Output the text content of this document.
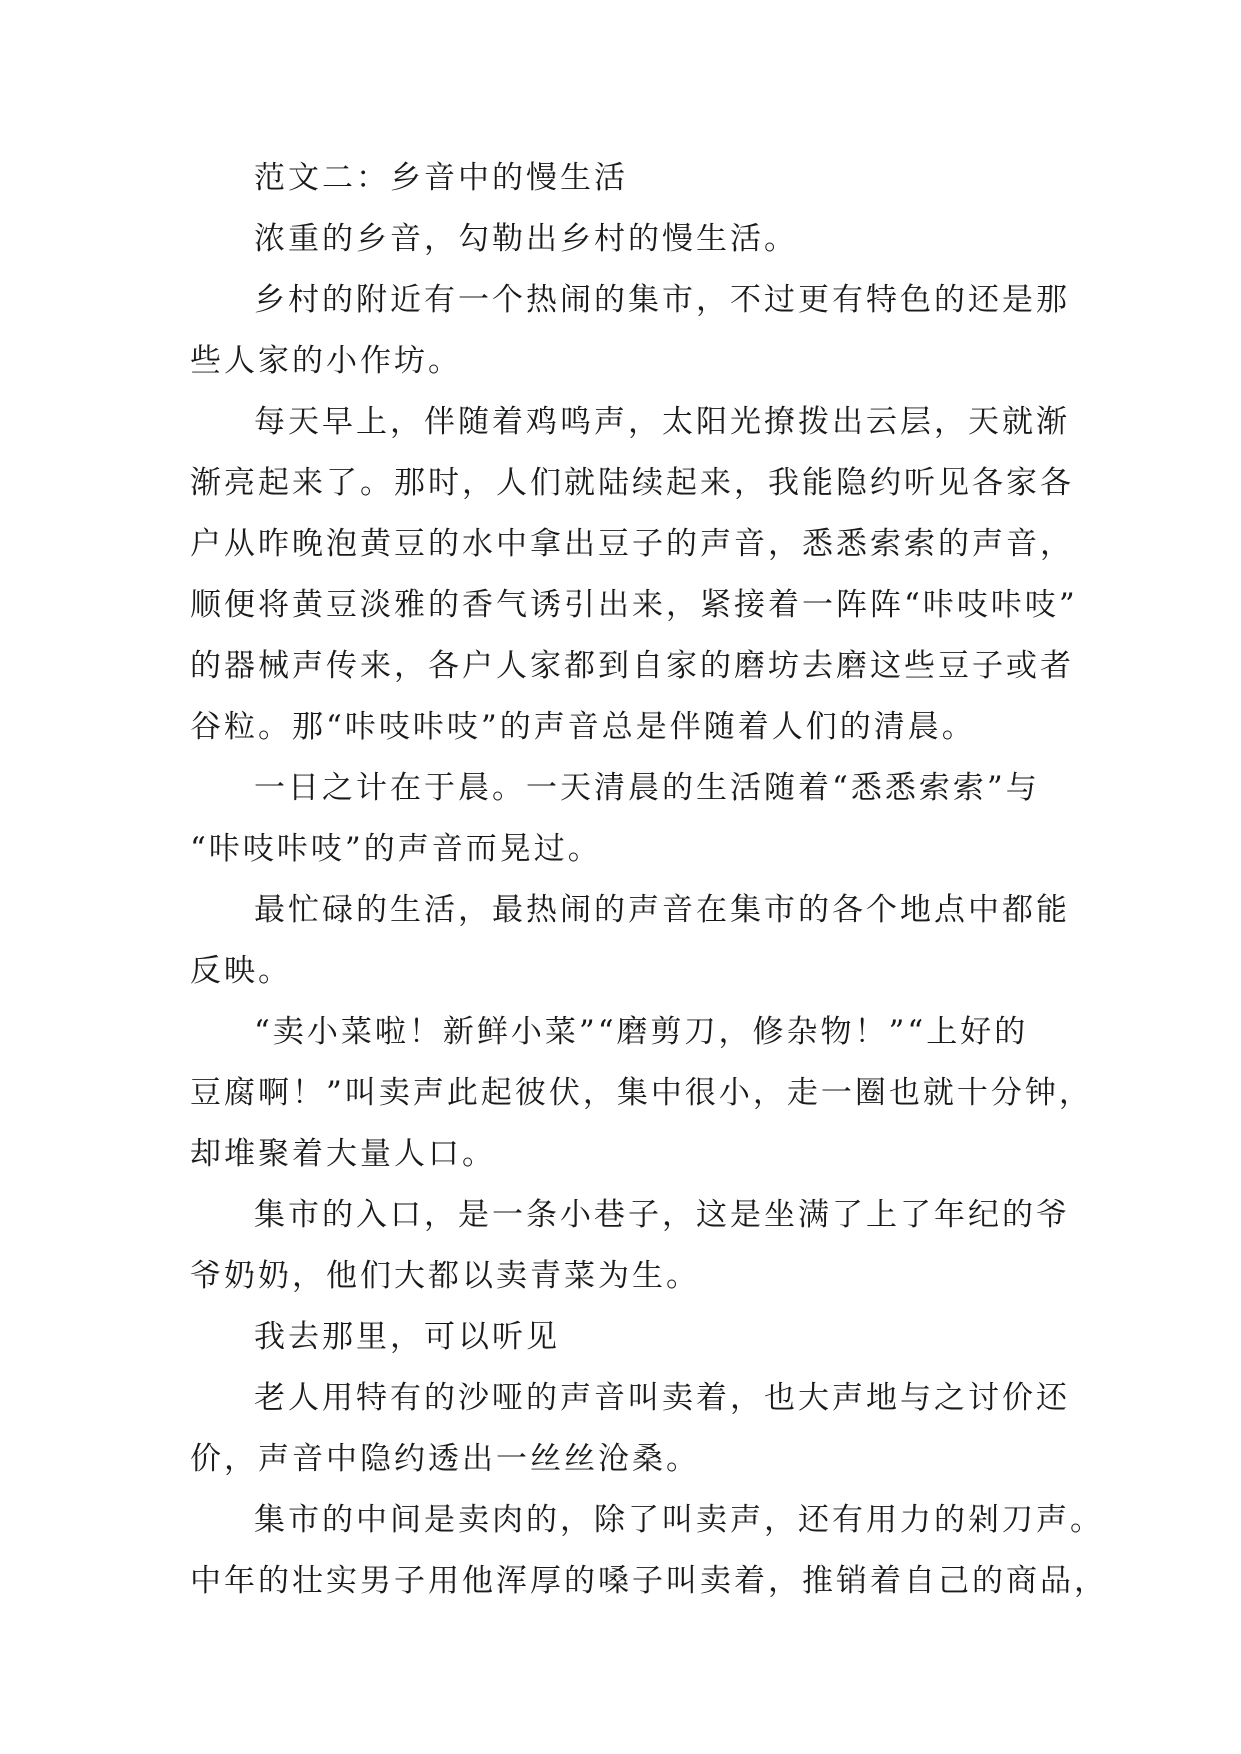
范文二：乡音中的慢生活
浓重的乡音，勾勒出乡村的慢生活。
乡村的附近有一个热闹的集市，不过更有特色的还是那
些人家的小作坊。
每天早上，伴随着鸡鸣声，太阳光撩拨出云层，天就渐
渐亮起来了。那时，人们就陆续起来，我能隐约听见各家各
户从昨晚泡黄豆的水中拿出豆子的声音，悉悉索索的声音，
顺便将黄豆淡雅的香气诱引出来，紧接着一阵阵“咔吱咔吱”
的器械声传来，各户人家都到自家的磨坊去磨这些豆子或者
谷粒。那“咔吱咔吱”的声音总是伴随着人们的清晨。
一日之计在于晨。一天清晨的生活随着“悉悉索索”与
“咔吱咔吱”的声音而晃过。
最忙碌的生活，最热闹的声音在集市的各个地点中都能
反映。
“卖小菜啦！新鲜小菜”“磨剪刀，修杂物！”“上好的
豆腐啊！”叫卖声此起彼伏，集中很小，走一圈也就十分钟，
却堆聚着大量人口。
集市的入口，是一条小巷子，这是坐满了上了年纪的爷
爷奶奶，他们大都以卖青菜为生。
我去那里，可以听见
老人用特有的沙哑的声音叫卖着，也大声地与之讨价还
价，声音中隐约透出一丝丝沧桑。
集市的中间是卖肉的，除了叫卖声，还有用力的剁刀声。
中年的壮实男子用他浑厚的嗓子叫卖着，推销着自己的商品，
